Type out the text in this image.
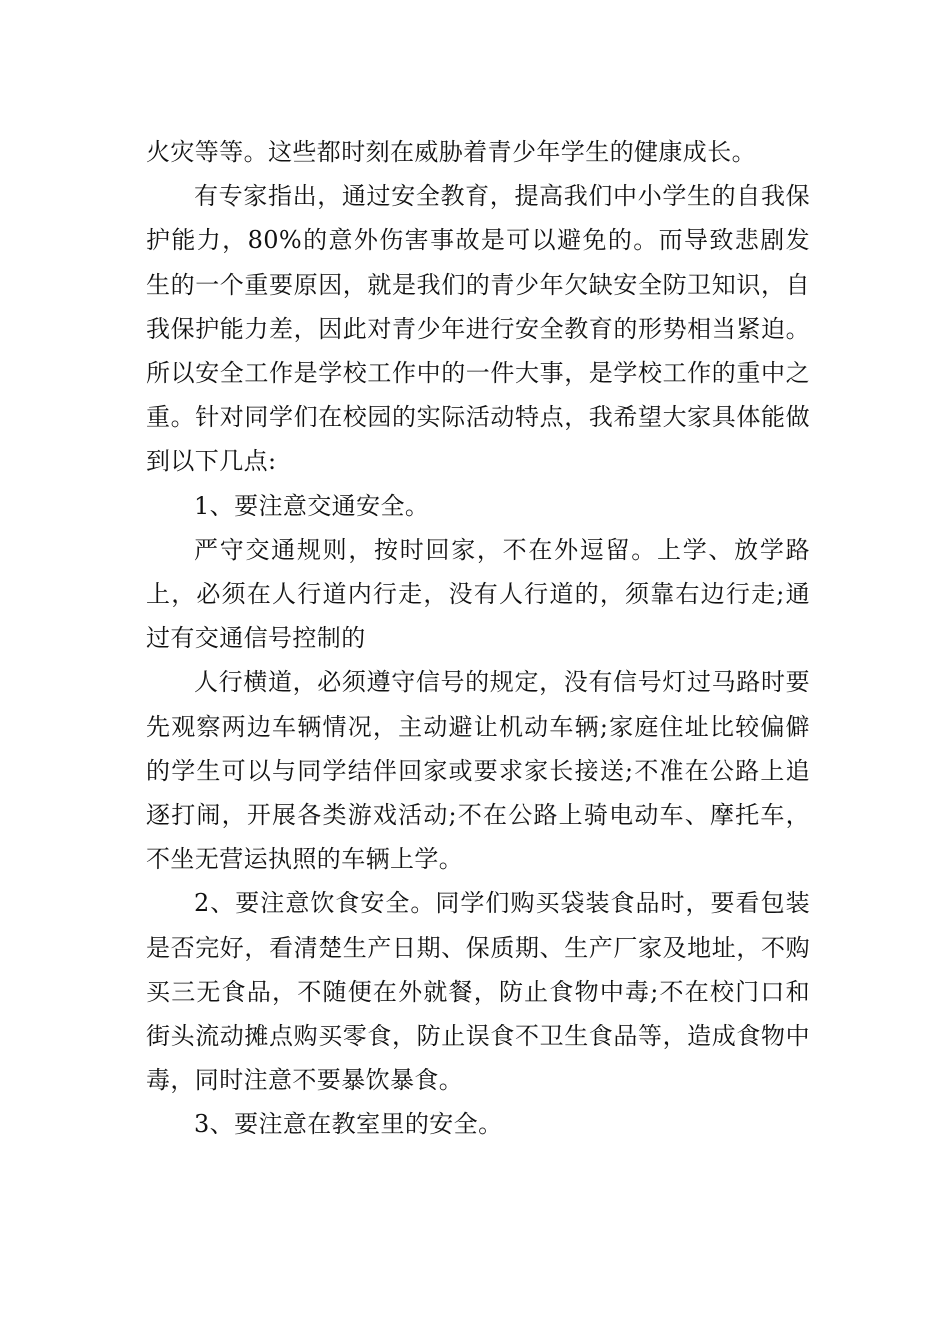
火灾等等。这些都时刻在威胁着青少年学生的健康成长。

有专家指出，通过安全教育，提高我们中小学生的自我保护能力，80%的意外伤害事故是可以避免的。而导致悲剧发生的一个重要原因，就是我们的青少年欠缺安全防卫知识，自我保护能力差，因此对青少年进行安全教育的形势相当紧迫。所以安全工作是学校工作中的一件大事，是学校工作的重中之重。针对同学们在校园的实际活动特点，我希望大家具体能做到以下几点:

1、要注意交通安全。

严守交通规则，按时回家，不在外逗留。上学、放学路上，必须在人行道内行走，没有人行道的，须靠右边行走;通过有交通信号控制的

人行横道，必须遵守信号的规定，没有信号灯过马路时要先观察两边车辆情况，主动避让机动车辆;家庭住址比较偏僻的学生可以与同学结伴回家或要求家长接送;不准在公路上追逐打闹，开展各类游戏活动;不在公路上骑电动车、摩托车，不坐无营运执照的车辆上学。

2、要注意饮食安全。同学们购买袋装食品时，要看包装是否完好，看清楚生产日期、保质期、生产厂家及地址，不购买三无食品，不随便在外就餐，防止食物中毒;不在校门口和街头流动摊点购买零食，防止误食不卫生食品等，造成食物中毒，同时注意不要暴饮暴食。

3、要注意在教室里的安全。
